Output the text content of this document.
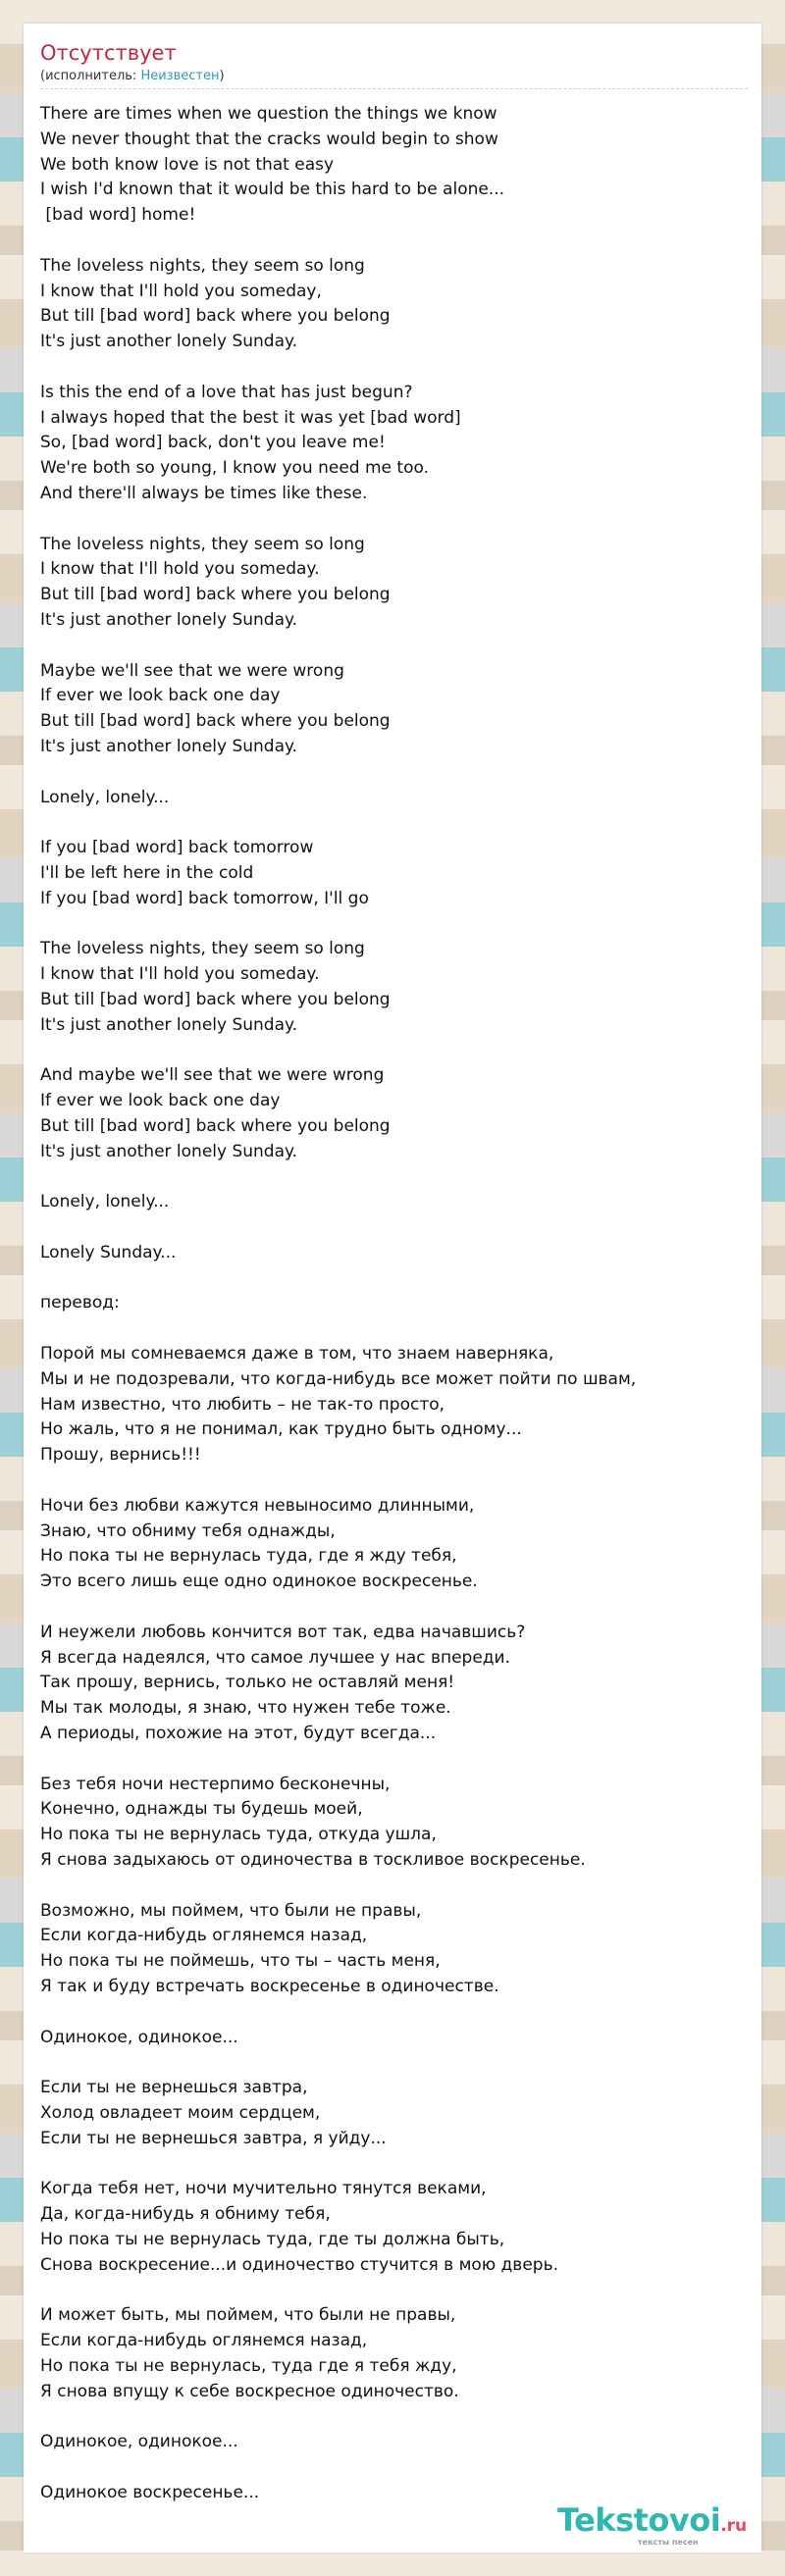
Отсутствует
(исполнитель: Неизвестен)
There are times when we question the things we know
We never thought that the cracks would begin to show
We both know love is not that easy
I wish I'd known that it would be this hard to be alone...
[bad word] home!
The loveless nights, they seem so long
I know that I'll hold you someday,
But till [bad word] back where you belong
It's just another lonely Sunday.
Is this the end of a love that has just begun?
I always hoped that the best it was yet [bad word]
So, [bad word] back, don't you leave me!
We're both so young, I know you need me too.
And there'll always be times like these.
The loveless nights, they seem so long
I know that I'll hold you someday.
But till [bad word] back where you belong
It's just another lonely Sunday.
Maybe we'll see that we were wrong
If ever we look back one day
But till [bad word] back where you belong
It's just another lonely Sunday.
Lonely, lonely...
If you [bad word] back tomorrow
I'll be left here in the cold
If you [bad word] back tomorrow, I'll go
The loveless nights, they seem so long
I know that I'll hold you someday.
But till [bad word] back where you belong
It's just another lonely Sunday.
And maybe we'll see that we were wrong
If ever we look back one day
But till [bad word] back where you belong
It's just another lonely Sunday.
Lonely, lonely...
Lonely Sunday...
перевод:
Порой мы сомневаемся даже в том, что знаем наверняка,
Мы и не подозревали, что когда-нибудь все может пойти по швам,
Нам известно, что любить – не так-то просто,
Но жаль, что я не понимал, как трудно быть одному...
Прошу, вернись!!!
Ночи без любви кажутся невыносимо длинными,
Знаю, что обниму тебя однажды,
Но пока ты не вернулась туда, где я жду тебя,
Это всего лишь еще одно одинокое воскресенье.
И неужели любовь кончится вот так, едва начавшись?
Я всегда надеялся, что самое лучшее у нас впереди.
Так прошу, вернись, только не оставляй меня!
Мы так молоды, я знаю, что нужен тебе тоже.
А периоды, похожие на этот, будут всегда...
Без тебя ночи нестерпимо бесконечны,
Конечно, однажды ты будешь моей,
Но пока ты не вернулась туда, откуда ушла,
Я снова задыхаюсь от одиночества в тоскливое воскресенье.
Возможно, мы поймем, что были не правы,
Если когда-нибудь оглянемся назад,
Но пока ты не поймешь, что ты – часть меня,
Я так и буду встречать воскресенье в одиночестве.
Одинокое, одинокое...
Если ты не вернешься завтра,
Холод овладеет моим сердцем,
Если ты не вернешься завтра, я уйду...
Когда тебя нет, ночи мучительно тянутся веками,
Да, когда-нибудь я обниму тебя,
Но пока ты не вернулась туда, где ты должна быть,
Снова воскресение...и одиночество стучится в мою дверь.
И может быть, мы поймем, что были не правы,
Если когда-нибудь оглянемся назад,
Но пока ты не вернулась, туда где я тебя жду,
Я снова впущу к себе воскресное одиночество.
Одинокое, одинокое...
Одинокое воскресенье...
Tekstovoi.ru
тексты песен
